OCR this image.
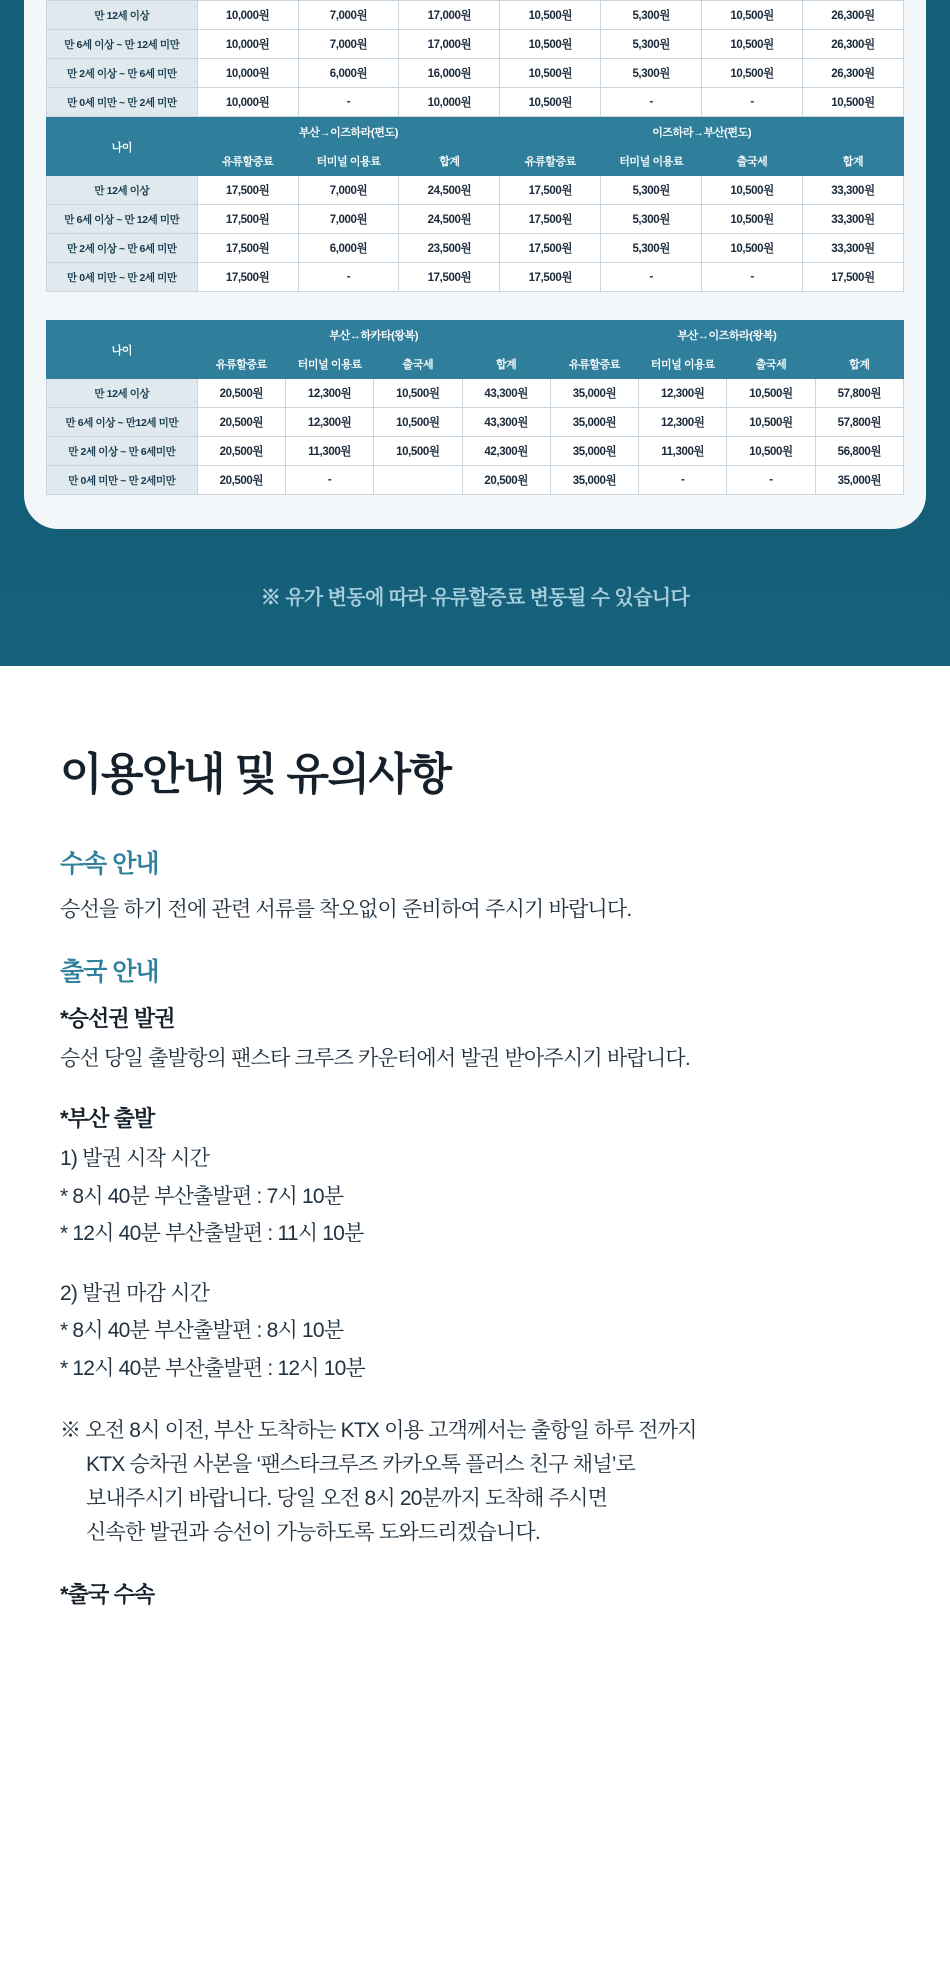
만 12세 이상	10,000원	7,000원	17,000원	10,500원	5,300원	10,500원	26,300원
만 6세 이상 ~ 만 12세 미만	10,000원	7,000원	17,000원	10,500원	5,300원	10,500원	26,300원
만 2세 이상 ~ 만 6세 미만	10,000원	6,000원	16,000원	10,500원	5,300원	10,500원	26,300원
만 0세 미만 ~ 만 2세 미만	10,000원	-	10,000원	10,500원	-	-	10,500원
나이	부산→이즈하라(편도)			이즈하라→부산(편도)			
	유류할증료	터미널 이용료	합계	유류할증료	터미널 이용료	출국세	합계
만 12세 이상	17,500원	7,000원	24,500원	17,500원	5,300원	10,500원	33,300원
만 6세 이상 ~ 만 12세 미만	17,500원	7,000원	24,500원	17,500원	5,300원	10,500원	33,300원
만 2세 이상 ~ 만 6세 미만	17,500원	6,000원	23,500원	17,500원	5,300원	10,500원	33,300원
만 0세 미만 ~ 만 2세 미만	17,500원	-	17,500원	17,500원	-	-	17,500원
나이	부산↔하카타(왕복)				부산↔이즈하라(왕복)			
	유류할증료	터미널 이용료	출국세	합계	유류할증료	터미널 이용료	출국세	합계
만 12세 이상	20,500원	12,300원	10,500원	43,300원	35,000원	12,300원	10,500원	57,800원
만 6세 이상 ~ 만12세 미만	20,500원	12,300원	10,500원	43,300원	35,000원	12,300원	10,500원	57,800원
만 2세 이상 ~ 만 6세미만	20,500원	11,300원	10,500원	42,300원	35,000원	11,300원	10,500원	56,800원
만 0세 미만 ~ 만 2세미만	20,500원	-		20,500원	35,000원	-	-	35,000원
※ 유가 변동에 따라 유류할증료 변동될 수 있습니다
이용안내 및 유의사항
수속 안내
승선을 하기 전에 관련 서류를 착오없이 준비하여 주시기 바랍니다.
출국 안내
*승선권 발권
승선 당일 출발항의 팬스타 크루즈 카운터에서 발권 받아주시기 바랍니다.
*부산 출발
1) 발권 시작 시간
* 8시 40분 부산출발편 : 7시 10분
* 12시 40분 부산출발편 : 11시 10분
2) 발권 마감 시간
* 8시 40분 부산출발편 : 8시 10분
* 12시 40분 부산출발편 : 12시 10분
※ 오전 8시 이전, 부산 도착하는 KTX 이용 고객께서는 출항일 하루 전까지
KTX 승차권 사본을 ‘팬스타크루즈 카카오톡 플러스 친구 채널’로
보내주시기 바랍니다. 당일 오전 8시 20분까지 도착해 주시면
신속한 발권과 승선이 가능하도록 도와드리겠습니다.
*출국 수속
